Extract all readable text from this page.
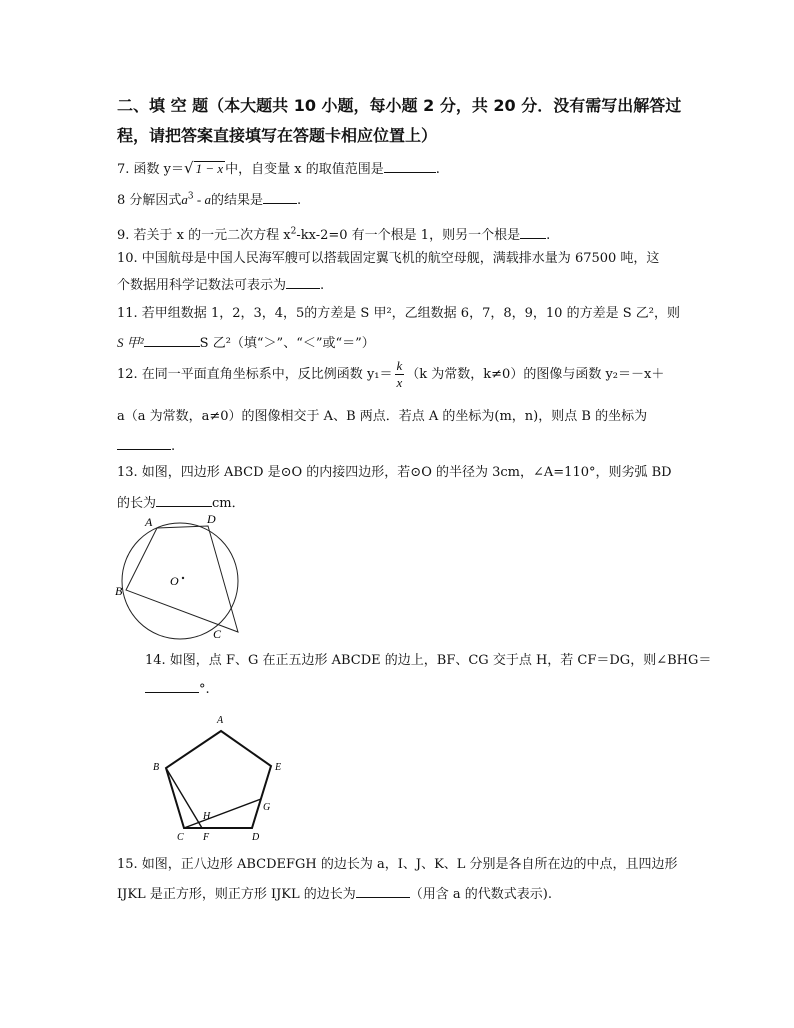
二、填 空 题（本大题共 10 小题，每小题 2 分，共 20 分．没有需写出解答过
程，请把答案直接填写在答题卡相应位置上）
7. 函数 y＝√ 1 − x 中，自变量 x 的取值范围是	.
8 分解因式$a^3$ - a的结果是	.
9. 若关于 x 的一元二次方程 $x^2-kx-2=0$ 有一个根是 1，则另一个根是 .
10. 中国航母是中国人民海军艘可以搭载固定翼飞机的航空母舰，满载排水量为 67500 吨，这
个数据用科学记数法可表示为	.
11. 若甲组数据 1，2，3，4，5的方差是 S 甲²，乙组数据 6，7，8，9，10 的方差是 S 乙²，则
S 甲²	S 乙²（填“＞”、“＜”或“＝”）
12. 在同一平面直角坐标系中，反比例函数 $y_1= \frac{k}{x} (k$ 为常数，k≠0）的图像与函数 y₂＝－x＋
a（a 为常数，a≠0）的图像相交于 A、B 两点．若点 A 的坐标为(m，n)，则点 B 的坐标为
.
13. 如图，四边形 ABCD 是⊙O 的内接四边形，若⊙O 的半径为 3cm，∠A=110°，则劣弧 BD
的长为	cm．
A	D
B
C
O
14. 如图，点 F、G 在正五边形 ABCDE 的边上，BF、CG 交于点 H，若 CF＝DG，则∠BHG＝
°.
A
B	E
G
H
C F	D
15. 如图，正八边形 ABCDEFGH 的边长为 a，I、J、K、L 分别是各自所在边的中点，且四边形
IJKL 是正方形，则正方形 IJKL 的边长为	（用含 a 的代数式表示).
